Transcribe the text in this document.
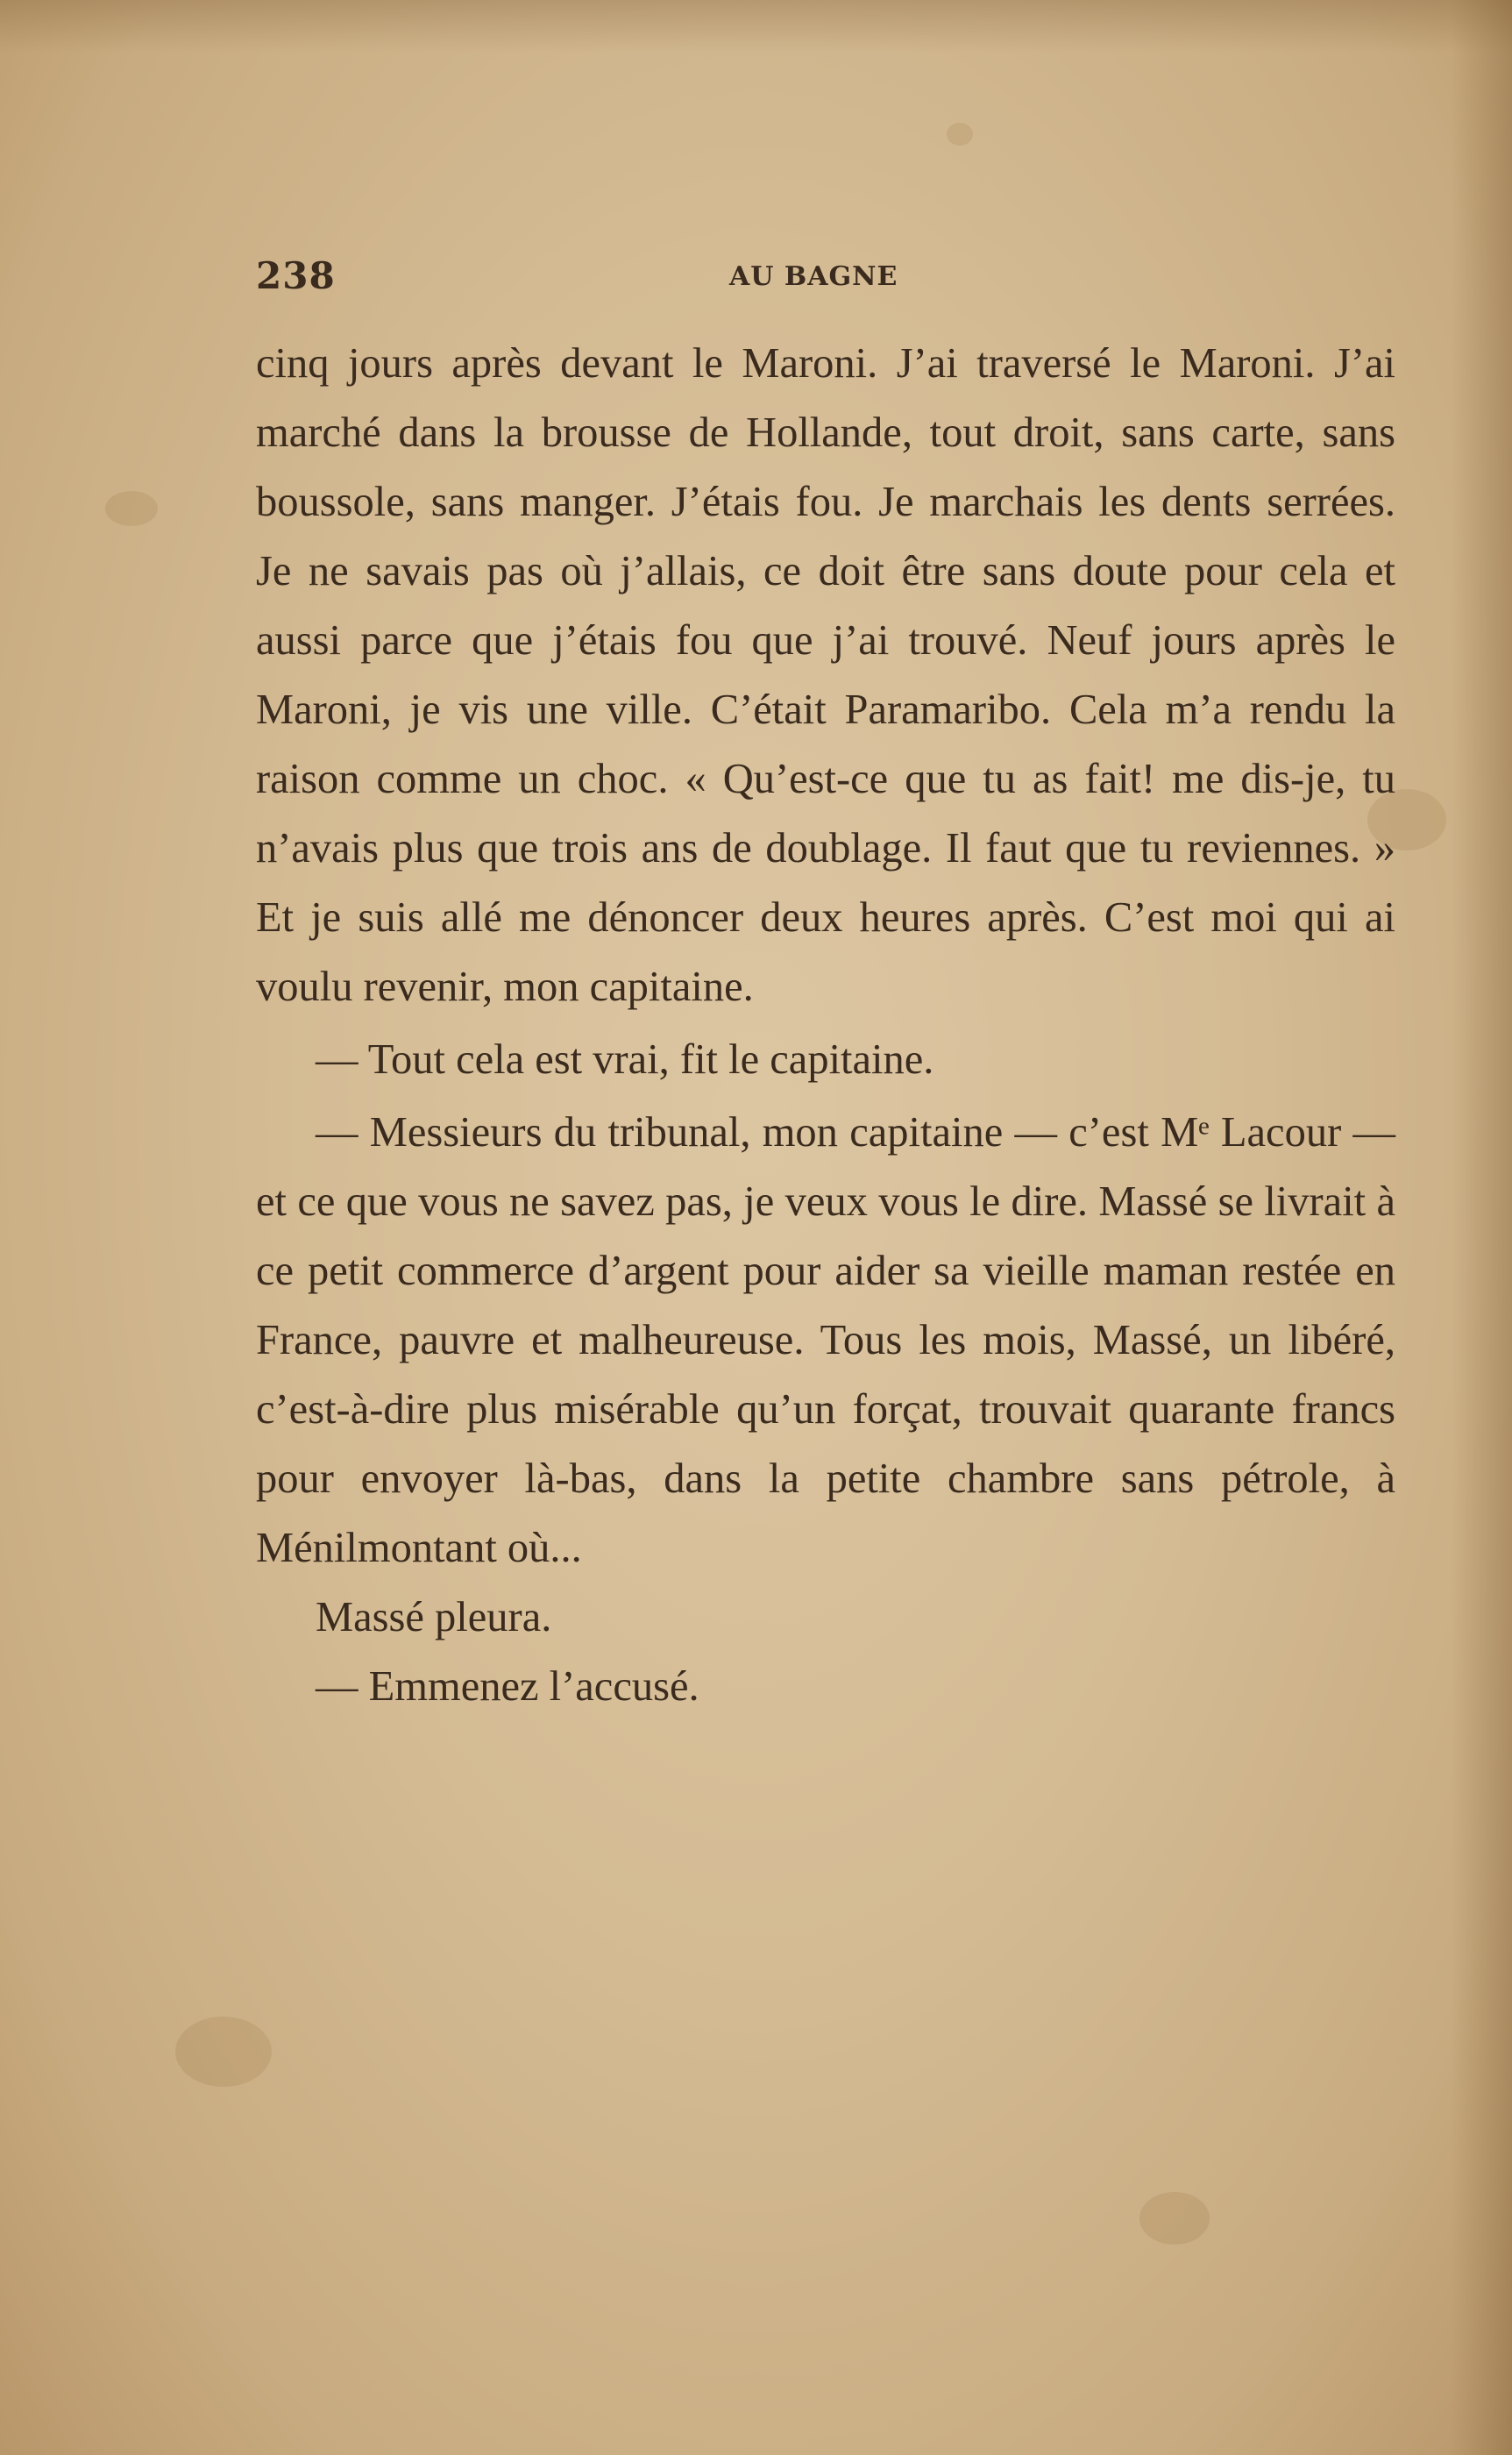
238	AU BAGNE

cinq jours après devant le Maroni. J’ai traversé le Maroni. J’ai marché dans la brousse de Hollande, tout droit, sans carte, sans boussole, sans manger. J’étais fou. Je marchais les dents serrées. Je ne savais pas où j’allais, ce doit être sans doute pour cela et aussi parce que j’étais fou que j’ai trouvé. Neuf jours après le Maroni, je vis une ville. C’était Paramaribo. Cela m’a rendu la raison comme un choc. « Qu’est-ce que tu as fait! me dis-je, tu n’avais plus que trois ans de doublage. Il faut que tu reviennes. » Et je suis allé me dénoncer deux heures après. C’est moi qui ai voulu revenir, mon capitaine.

— Tout cela est vrai, fit le capitaine.

— Messieurs du tribunal, mon capitaine — c’est Mᵉ Lacour — et ce que vous ne savez pas, je veux vous le dire. Massé se livrait à ce petit commerce d’argent pour aider sa vieille maman restée en France, pauvre et malheureuse. Tous les mois, Massé, un libéré, c’est-à-dire plus misérable qu’un forçat, trouvait quarante francs pour envoyer là-bas, dans la petite chambre sans pétrole, à Ménilmontant où...

Massé pleura.

— Emmenez l’accusé.
